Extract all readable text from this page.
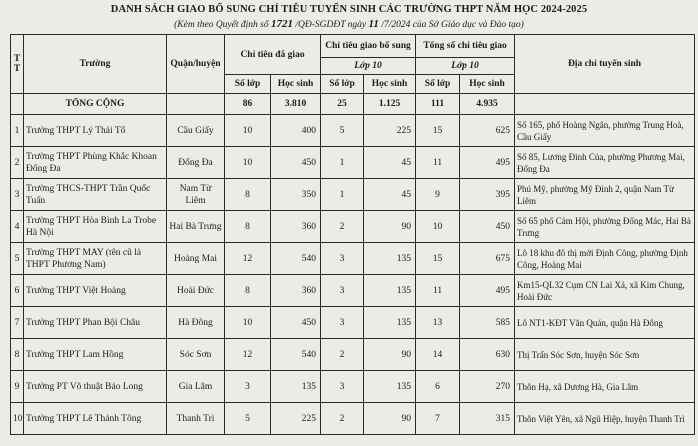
DANH SÁCH GIAO BỔ SUNG CHỈ TIÊU TUYỂN SINH CÁC TRƯỜNG THPT NĂM HỌC 2024-2025
(Kèm theo Quyết định số 1721 /QĐ-SGDĐT ngày 11 /7/2024 của Sở Giáo dục và Đào tạo)
T T	Trường	Quận/huyện	Chỉ tiêu đã giao		Chỉ tiêu giao bổ sung		Tổng số chỉ tiêu giao		Địa chỉ tuyển sinh
					Lớp 10		Lớp 10		
			Số lớp	Học sinh	Số lớp	Học sinh	Số lớp	Học sinh	
	TỔNG CỘNG		86	3.810	25	1.125	111	4.935	
1	Trường THPT Lý Thái Tổ	Cầu Giấy	10	400	5	225	15	625	Số 165, phố Hoàng Ngân, phường Trung Hoà, Cầu Giấy
2	Trường THPT Phùng Khắc Khoan Đống Đa	Đống Đa	10	450	1	45	11	495	Số 85, Lương Đình Của, phường Phương Mai, Đống Đa
3	Trường THCS-THPT Trần Quốc Tuấn	Nam Từ Liêm	8	350	1	45	9	395	Phú Mỹ, phường Mỹ Đình 2, quận Nam Từ Liêm
4	Trường THPT Hòa Bình La Trobe Hà Nội	Hai Bà Trưng	8	360	2	90	10	450	Số 65 phố Cảm Hội, phường Đống Mác, Hai Bà Trưng
5	Trường THPT MAY (tên cũ là THPT Phương Nam)	Hoàng Mai	12	540	3	135	15	675	Lô 18 khu đô thị mới Định Công, phường Định Công, Hoàng Mai
6	Trường THPT Việt Hoàng	Hoài Đức	8	360	3	135	11	495	Km15-QL32 Cụm CN Lai Xá, xã Kim Chung, Hoài Đức
7	Trường THPT Phan Bội Châu	Hà Đông	10	450	3	135	13	585	Lô NT1-KĐT Văn Quán, quận Hà Đông
8	Trường THPT Lam Hồng	Sóc Sơn	12	540	2	90	14	630	Thị Trấn Sóc Sơn, huyện Sóc Sơn
9	Trường PT Võ thuật Bảo Long	Gia Lâm	3	135	3	135	6	270	Thôn Hạ, xã Dương Hà, Gia Lâm
10	Trường THPT Lê Thánh Tông	Thanh Trì	5	225	2	90	7	315	Thôn Việt Yên, xã Ngũ Hiệp, huyện Thanh Trì
